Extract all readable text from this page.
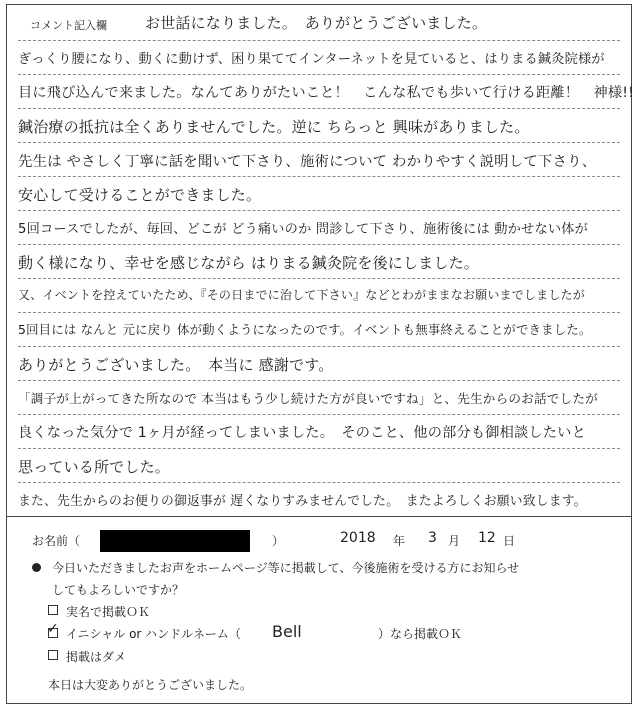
コメント記入欄	お世話になりました。　ありがとうございました。
ぎっくり腰になり、動くに動けず、困り果ててインターネットを見ていると、はりまる鍼灸院様が
目に飛び込んで来ました。なんてありがたいこと！　こんな私でも歩いて行ける距離！　神様!!
鍼治療の抵抗は全くありませんでした。逆に ちらっと 興味がありました。
先生は やさしく丁寧に話を聞いて下さり、施術について わかりやすく説明して下さり、
安心して受けることができました。
5回コースでしたが、毎回、どこが どう痛いのか 問診して下さり、施術後には 動かせない体が
動く様になり、幸せを感じながら はりまる鍼灸院を後にしました。
又、イベントを控えていたため、『その日までに治して下さい』などとわがままなお願いまでしましたが
5回目には なんと 元に戻り 体が動くようになったのです。イベントも無事終えることができました。
ありがとうございました。　本当に 感謝です。
「調子が上がってきた所なので 本当はもう少し続けた方が良いですね」と、先生からのお話でしたが
良くなった気分で 1ヶ月が経ってしまいました。　そのこと、他の部分も御相談したいと
思っている所でした。
また、先生からのお便りの御返事が 遅くなりすみませんでした。　またよろしくお願い致します。
お名前（	）	2018 年 3 月 12 日
今日いただきましたお声をホームページ等に掲載して、今後施術を受ける方にお知らせ
してもよろしいですか？
実名で掲載ＯＫ
✓ イニシャル or ハンドルネーム（ Bell	）なら掲載ＯＫ
掲載はダメ
本日は大変ありがとうございました。
